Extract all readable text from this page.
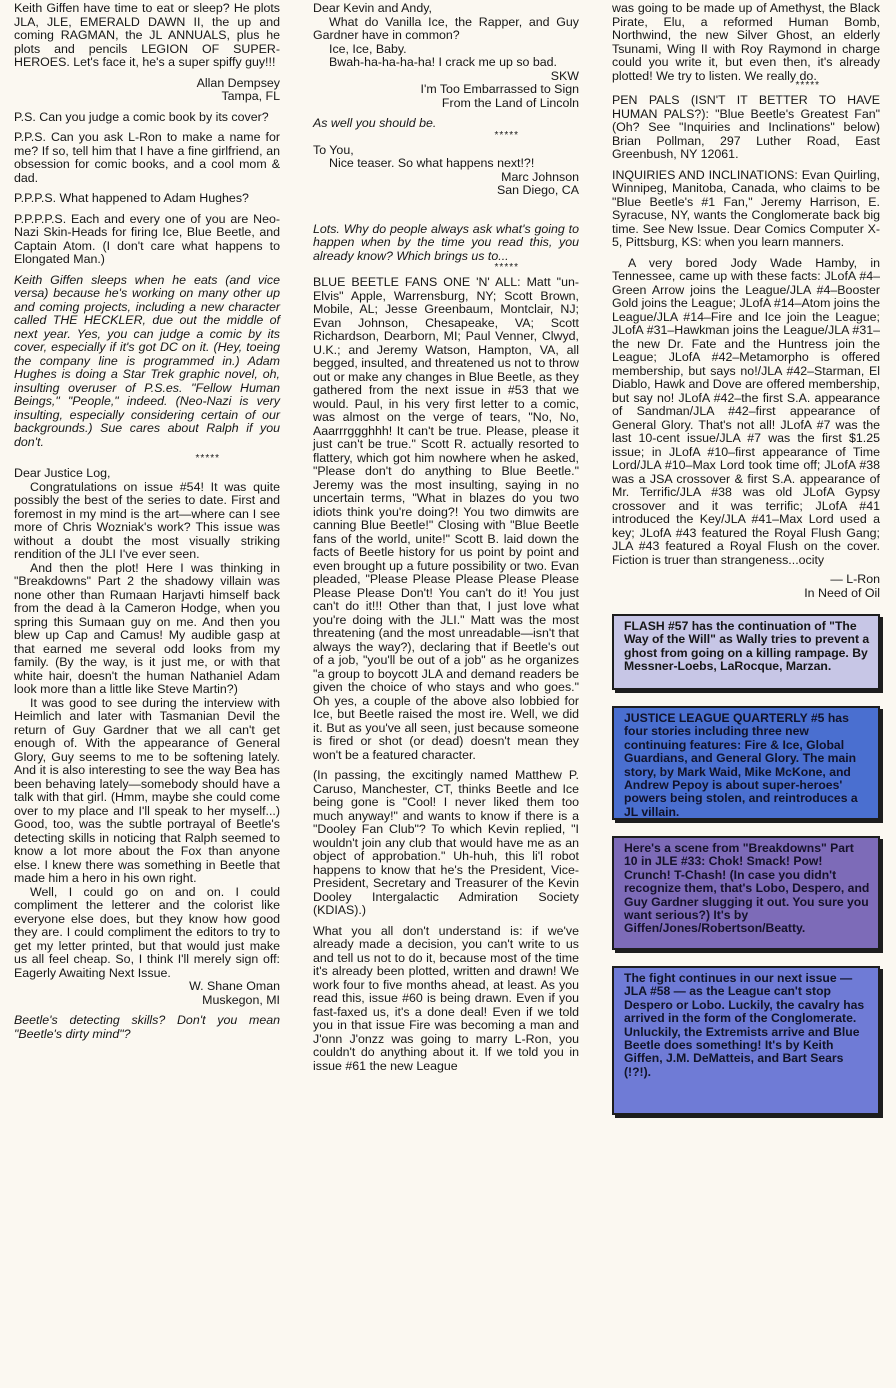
Keith Giffen have time to eat or sleep? He plots JLA, JLE, EMERALD DAWN II, the up and coming RAGMAN, the JL ANNUALS, plus he plots and pencils LEGION OF SUPER-HEROES. Let's face it, he's a super spiffy guy!!!

Allan Dempsey
Tampa, FL

P.S. Can you judge a comic book by its cover?

P.P.S. Can you ask L-Ron to make a name for me? If so, tell him that I have a fine girlfriend, an obsession for comic books, and a cool mom & dad.

P.P.P.S. What happened to Adam Hughes?

P.P.P.P.S. Each and every one of you are Neo-Nazi Skin-Heads for firing Ice, Blue Beetle, and Captain Atom. (I don't care what happens to Elongated Man.)

Keith Giffen sleeps when he eats (and vice versa) because he's working on many other up and coming projects, including a new character called THE HECKLER, due out the middle of next year. Yes, you can judge a comic by its cover, especially if it's got DC on it. (Hey, toeing the company line is programmed in.) Adam Hughes is doing a Star Trek graphic novel, oh, insulting overuser of P.S.es. "Fellow Human Beings," "People," indeed. (Neo-Nazi is very insulting, especially considering certain of our backgrounds.) Sue cares about Ralph if you don't.

*****

Dear Justice Log,

Congratulations on issue #54! It was quite possibly the best of the series to date. First and foremost in my mind is the art—where can I see more of Chris Wozniak's work? This issue was without a doubt the most visually striking rendition of the JLI I've ever seen.

And then the plot! Here I was thinking in "Breakdowns" Part 2 the shadowy villain was none other than Rumaan Harjavti himself back from the dead à la Cameron Hodge, when you spring this Sumaan guy on me. And then you blew up Cap and Camus! My audible gasp at that earned me several odd looks from my family. (By the way, is it just me, or with that white hair, doesn't the human Nathaniel Adam look more than a little like Steve Martin?)

It was good to see during the interview with Heimlich and later with Tasmanian Devil the return of Guy Gardner that we all can't get enough of. With the appearance of General Glory, Guy seems to me to be softening lately. And it is also interesting to see the way Bea has been behaving lately—somebody should have a talk with that girl. (Hmm, maybe she could come over to my place and I'll speak to her myself...) Good, too, was the subtle portrayal of Beetle's detecting skills in noticing that Ralph seemed to know a lot more about the Fox than anyone else. I knew there was something in Beetle that made him a hero in his own right.

Well, I could go on and on. I could compliment the letterer and the colorist like everyone else does, but they know how good they are. I could compliment the editors to try to get my letter printed, but that would just make us all feel cheap. So, I think I'll merely sign off: Eagerly Awaiting Next Issue.

W. Shane Oman
Muskegon, MI

Beetle's detecting skills? Don't you mean "Beetle's dirty mind"?

Dear Kevin and Andy,

What do Vanilla Ice, the Rapper, and Guy Gardner have in common?

Ice, Ice, Baby.

Bwah-ha-ha-ha-ha! I crack me up so bad.

SKW
I'm Too Embarrassed to Sign
From the Land of Lincoln

As well you should be.

*****

To You,

Nice teaser. So what happens next!?!

Marc Johnson
San Diego, CA

Lots. Why do people always ask what's going to happen when by the time you read this, you already know? Which brings us to...

*****

BLUE BEETLE FANS ONE 'N' ALL: Matt "un-Elvis" Apple, Warrensburg, NY; Scott Brown, Mobile, AL; Jesse Greenbaum, Montclair, NJ; Evan Johnson, Chesapeake, VA; Scott Richardson, Dearborn, MI; Paul Venner, Clwyd, U.K.; and Jeremy Watson, Hampton, VA, all begged, insulted, and threatened us not to throw out or make any changes in Blue Beetle, as they gathered from the next issue in #53 that we would. Paul, in his very first letter to a comic, was almost on the verge of tears, "No, No, Aaarrrggghhh! It can't be true. Please, please it just can't be true." Scott R. actually resorted to flattery, which got him nowhere when he asked, "Please don't do anything to Blue Beetle." Jeremy was the most insulting, saying in no uncertain terms, "What in blazes do you two idiots think you're doing?! You two dimwits are canning Blue Beetle!" Closing with "Blue Beetle fans of the world, unite!" Scott B. laid down the facts of Beetle history for us point by point and even brought up a future possibility or two. Evan pleaded, "Please Please Please Please Please Please Please Don't! You can't do it! You just can't do it!!! Other than that, I just love what you're doing with the JLI." Matt was the most threatening (and the most unreadable—isn't that always the way?), declaring that if Beetle's out of a job, "you'll be out of a job" as he organizes "a group to boycott JLA and demand readers be given the choice of who stays and who goes." Oh yes, a couple of the above also lobbied for Ice, but Beetle raised the most ire. Well, we did it. But as you've all seen, just because someone is fired or shot (or dead) doesn't mean they won't be a featured character.

(In passing, the excitingly named Matthew P. Caruso, Manchester, CT, thinks Beetle and Ice being gone is "Cool! I never liked them too much anyway!" and wants to know if there is a "Dooley Fan Club"? To which Kevin replied, "I wouldn't join any club that would have me as an object of approbation." Uh-huh, this li'l robot happens to know that he's the President, Vice-President, Secretary and Treasurer of the Kevin Dooley Intergalactic Admiration Society (KDIAS).)

What you all don't understand is: if we've already made a decision, you can't write to us and tell us not to do it, because most of the time it's already been plotted, written and drawn! We work four to five months ahead, at least. As you read this, issue #60 is being drawn. Even if you fast-faxed us, it's a done deal! Even if we told you in that issue Fire was becoming a man and J'onn J'onzz was going to marry L-Ron, you couldn't do anything about it. If we told you in issue #61 the new League

was going to be made up of Amethyst, the Black Pirate, Elu, a reformed Human Bomb, Northwind, the new Silver Ghost, an elderly Tsunami, Wing II with Roy Raymond in charge could you write it, but even then, it's already plotted! We try to listen. We really do.

*****

PEN PALS (ISN'T IT BETTER TO HAVE HUMAN PALS?): "Blue Beetle's Greatest Fan" (Oh? See "Inquiries and Inclinations" below) Brian Pollman, 297 Luther Road, East Greenbush, NY 12061.

INQUIRIES AND INCLINATIONS: Evan Quirling, Winnipeg, Manitoba, Canada, who claims to be "Blue Beetle's #1 Fan," Jeremy Harrison, E. Syracuse, NY, wants the Conglomerate back big time. See New Issue. Dear Comics Computer X-5, Pittsburg, KS: when you learn manners.

A very bored Jody Wade Hamby, in Tennessee, came up with these facts: JLofA #4–Green Arrow joins the League/JLA #4–Booster Gold joins the League; JLofA #14–Atom joins the League/JLA #14–Fire and Ice join the League; JLofA #31–Hawkman joins the League/JLA #31–the new Dr. Fate and the Huntress join the League; JLofA #42–Metamorpho is offered membership, but says no!/JLA #42–Starman, El Diablo, Hawk and Dove are offered membership, but say no! JLofA #42–the first S.A. appearance of Sandman/JLA #42–first appearance of General Glory. That's not all! JLofA #7 was the last 10-cent issue/JLA #7 was the first $1.25 issue; in JLofA #10–first appearance of Time Lord/JLA #10–Max Lord took time off; JLofA #38 was a JSA crossover & first S.A. appearance of Mr. Terrific/JLA #38 was old JLofA Gypsy crossover and it was terrific; JLofA #41 introduced the Key/JLA #41–Max Lord used a key; JLofA #43 featured the Royal Flush Gang; JLA #43 featured a Royal Flush on the cover. Fiction is truer than strangeness...ocity

— L-Ron
In Need of Oil
FLASH #57 has the continuation of "The Way of the Will" as Wally tries to prevent a ghost from going on a killing rampage. By Messner-Loebs, LaRocque, Marzan.
JUSTICE LEAGUE QUARTERLY #5 has four stories including three new continuing features: Fire & Ice, Global Guardians, and General Glory. The main story, by Mark Waid, Mike McKone, and Andrew Pepoy is about super-heroes' powers being stolen, and reintroduces a JL villain.
Here's a scene from "Breakdowns" Part 10 in JLE #33: Chok! Smack! Pow! Crunch! T-Chash! (In case you didn't recognize them, that's Lobo, Despero, and Guy Gardner slugging it out. You sure you want serious?) It's by Giffen/Jones/Robertson/Beatty.
The fight continues in our next issue — JLA #58 — as the League can't stop Despero or Lobo. Luckily, the cavalry has arrived in the form of the Conglomerate. Unluckily, the Extremists arrive and Blue Beetle does something! It's by Keith Giffen, J.M. DeMatteis, and Bart Sears (!?!).
